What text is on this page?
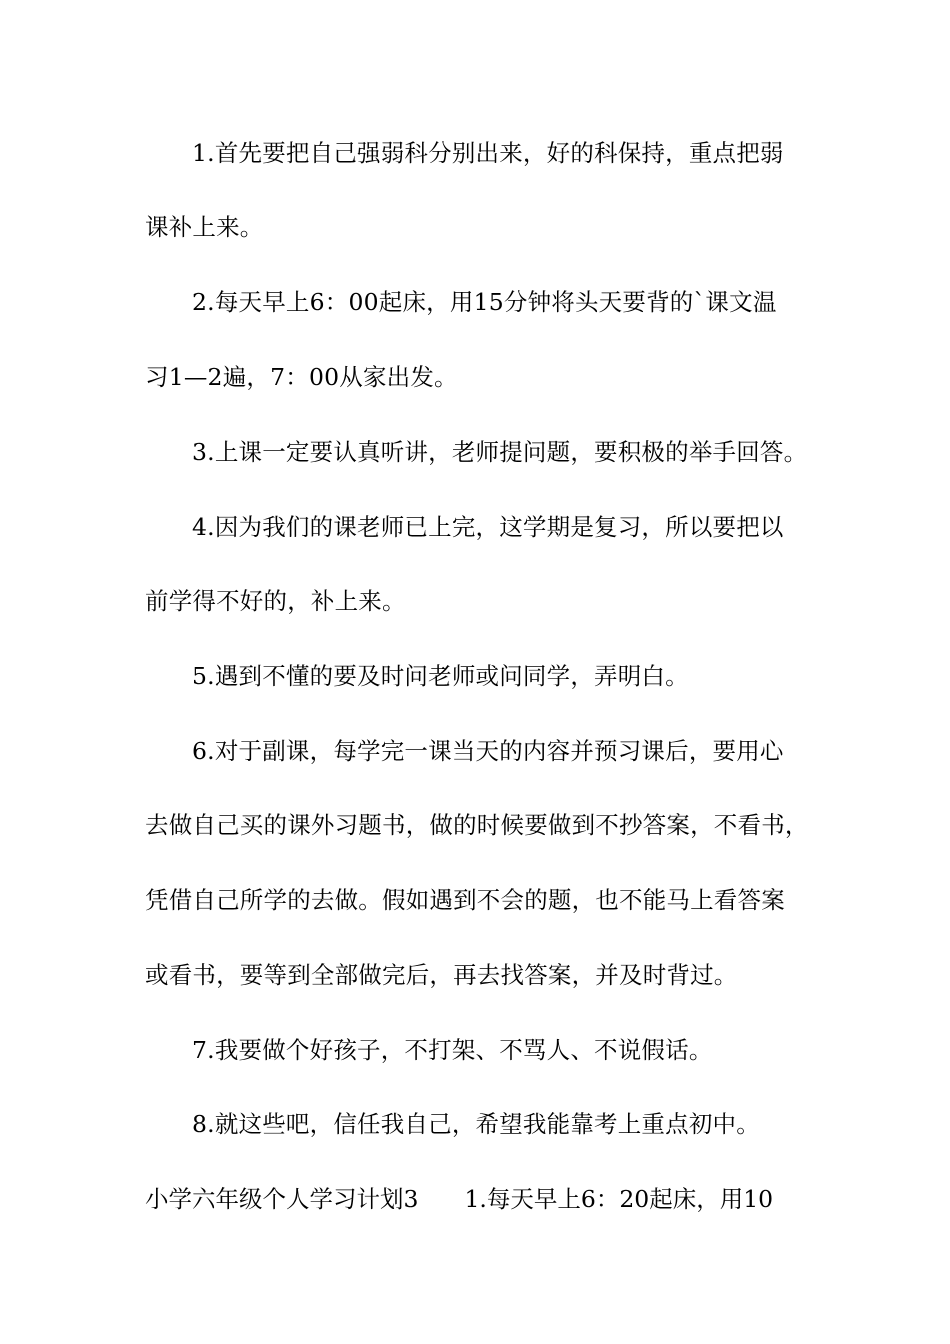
1.首先要把自己强弱科分别出来，好的科保持，重点把弱
课补上来。
2.每天早上6：00起床，用15分钟将头天要背的`课文温
习1—2遍，7：00从家出发。
3.上课一定要认真听讲，老师提问题，要积极的举手回答。
4.因为我们的课老师已上完，这学期是复习，所以要把以
前学得不好的，补上来。
5.遇到不懂的要及时问老师或问同学，弄明白。
6.对于副课，每学完一课当天的内容并预习课后，要用心
去做自己买的课外习题书，做的时候要做到不抄答案，不看书，
凭借自己所学的去做。假如遇到不会的题，也不能马上看答案
或看书，要等到全部做完后，再去找答案，并及时背过。
7.我要做个好孩子，不打架、不骂人、不说假话。
8.就这些吧，信任我自己，希望我能靠考上重点初中。
小学六年级个人学习计划3 1.每天早上6：20起床，用10
